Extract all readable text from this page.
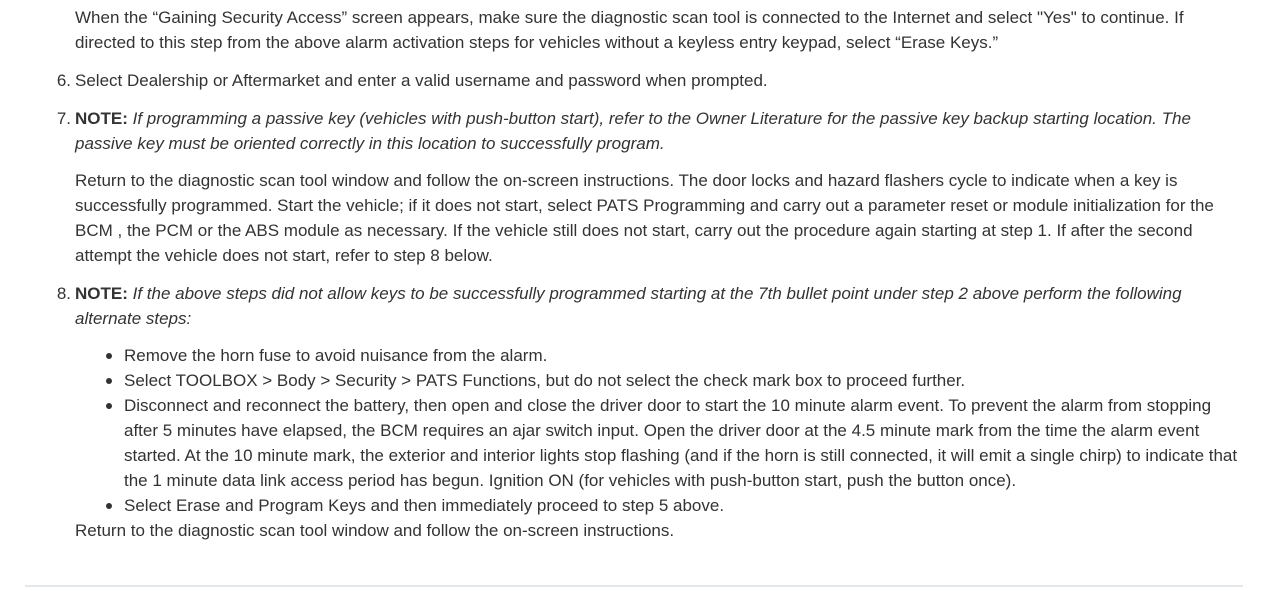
When the “Gaining Security Access” screen appears, make sure the diagnostic scan tool is connected to the Internet and select "Yes" to continue. If directed to this step from the above alarm activation steps for vehicles without a keyless entry keypad, select “Erase Keys.”

6. Select Dealership or Aftermarket and enter a valid username and password when prompted.

7. NOTE: If programming a passive key (vehicles with push-button start), refer to the Owner Literature for the passive key backup starting location. The passive key must be oriented correctly in this location to successfully program.

Return to the diagnostic scan tool window and follow the on-screen instructions. The door locks and hazard flashers cycle to indicate when a key is successfully programmed. Start the vehicle; if it does not start, select PATS Programming and carry out a parameter reset or module initialization for the BCM , the PCM or the ABS module as necessary. If the vehicle still does not start, carry out the procedure again starting at step 1. If after the second attempt the vehicle does not start, refer to step 8 below.

8. NOTE: If the above steps did not allow keys to be successfully programmed starting at the 7th bullet point under step 2 above perform the following alternate steps:

Remove the horn fuse to avoid nuisance from the alarm.
Select TOOLBOX > Body > Security > PATS Functions, but do not select the check mark box to proceed further.
Disconnect and reconnect the battery, then open and close the driver door to start the 10 minute alarm event. To prevent the alarm from stopping after 5 minutes have elapsed, the BCM requires an ajar switch input. Open the driver door at the 4.5 minute mark from the time the alarm event started. At the 10 minute mark, the exterior and interior lights stop flashing (and if the horn is still connected, it will emit a single chirp) to indicate that the 1 minute data link access period has begun. Ignition ON (for vehicles with push-button start, push the button once).
Select Erase and Program Keys and then immediately proceed to step 5 above.

Return to the diagnostic scan tool window and follow the on-screen instructions.
